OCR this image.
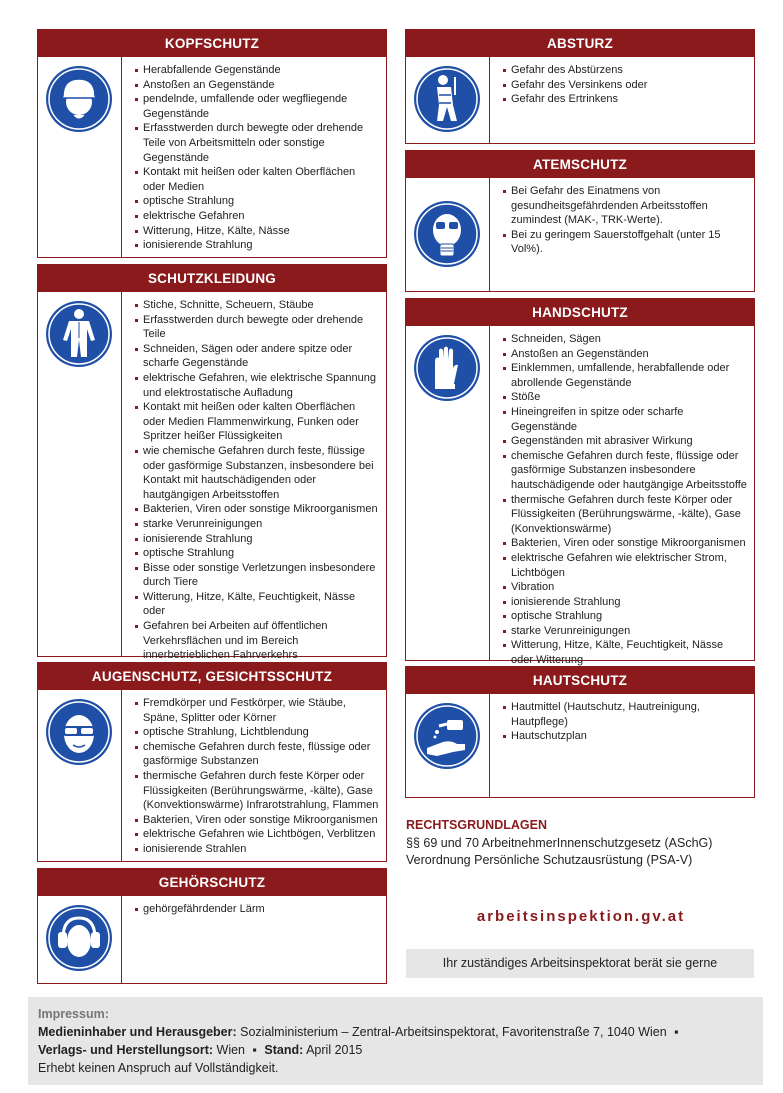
KOPFSCHUTZ
Herabfallende Gegenstände
Anstoßen an Gegenstände
pendelnde, umfallende oder wegfliegende Gegenstände
Erfasstwerden durch bewegte oder drehende Teile von Arbeitsmitteln oder sonstige Gegenstände
Kontakt mit heißen oder kalten Oberflächen oder Medien
optische Strahlung
elektrische Gefahren
Witterung, Hitze, Kälte, Nässe
ionisierende Strahlung
SCHUTZKLEIDUNG
Stiche, Schnitte, Scheuern, Stäube
Erfasstwerden durch bewegte oder drehende Teile
Schneiden, Sägen oder andere spitze oder scharfe Gegenstände
elektrische Gefahren, wie elektrische Spannung und elektrostatische Aufladung
Kontakt mit heißen oder kalten Oberflächen oder Medien Flammenwirkung, Funken oder Spritzer heißer Flüssigkeiten
wie chemische Gefahren durch feste, flüssige oder gasförmige Substanzen, insbesondere bei Kontakt mit hautschädigenden oder hautgängigen Arbeitsstoffen
Bakterien, Viren oder sonstige Mikroorganismen
starke Verunreinigungen
ionisierende Strahlung
optische Strahlung
Bisse oder sonstige Verletzungen insbesondere durch Tiere
Witterung, Hitze, Kälte, Feuchtigkeit, Nässe oder
Gefahren bei Arbeiten auf öffentlichen Verkehrsflächen und im Bereich innerbetrieblichen Fahrverkehrs
AUGENSCHUTZ, GESICHTSSCHUTZ
Fremdkörper und Festkörper, wie Stäube, Späne, Splitter oder Körner
optische Strahlung, Lichtblendung
chemische Gefahren durch feste, flüssige oder gasförmige Substanzen
thermische Gefahren durch feste Körper oder Flüssigkeiten (Berührungswärme, -kälte), Gase (Konvektionswärme) Infrarotstrahlung, Flammen
Bakterien, Viren oder sonstige Mikroorganismen
elektrische Gefahren wie Lichtbögen, Verblitzen
ionisierende Strahlen
GEHÖRSCHUTZ
gehörgefährdender Lärm
ABSTURZ
Gefahr des Abstürzens
Gefahr des Versinkens oder
Gefahr des Ertrinkens
ATEMSCHUTZ
Bei Gefahr des Einatmens von gesundheitsgefährdenden Arbeitsstoffen zumindest (MAK-, TRK-Werte).
Bei zu geringem Sauerstoffgehalt (unter 15 Vol%).
HANDSCHUTZ
Schneiden, Sägen
Anstoßen an Gegenständen
Einklemmen, umfallende, herabfallende oder abrollende Gegenstände
Stöße
Hineingreifen in spitze oder scharfe Gegenstände
Gegenständen mit abrasiver Wirkung
chemische Gefahren durch feste, flüssige oder gasförmige Substanzen insbesondere hautschädigende oder hautgängige Arbeitsstoffe
thermische Gefahren durch feste Körper oder Flüssigkeiten (Berührungswärme, -kälte), Gase (Konvektionswärme)
Bakterien, Viren oder sonstige Mikroorganismen
elektrische Gefahren wie elektrischer Strom, Lichtbögen
Vibration
ionisierende Strahlung
optische Strahlung
starke Verunreinigungen
Witterung, Hitze, Kälte, Feuchtigkeit, Nässe oder Witterung
HAUTSCHUTZ
Hautmittel (Hautschutz, Hautreinigung, Hautpflege)
Hautschutzplan
RECHTSGRUNDLAGEN
§§ 69 und 70 ArbeitnehmerInnenschutzgesetz (ASchG)
Verordnung Persönliche Schutzausrüstung (PSA-V)
arbeitsinspektion.gv.at
Ihr zuständiges Arbeitsinspektorat berät sie gerne
Impressum:
Medieninhaber und Herausgeber: Sozialministerium – Zentral-Arbeitsinspektorat, Favoritenstraße 7, 1040 Wien ▪
Verlags- und Herstellungsort: Wien ▪ Stand: April 2015
Erhebt keinen Anspruch auf Vollständigkeit.
